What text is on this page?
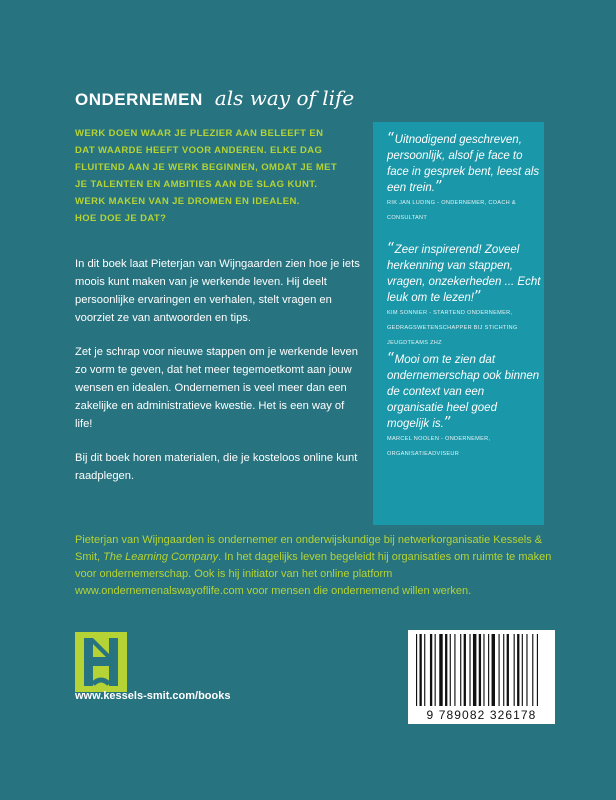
ONDERNEMEN als way of life
WERK DOEN WAAR JE PLEZIER AAN BELEEFT EN
DAT WAARDE HEEFT VOOR ANDEREN. ELKE DAG
FLUITEND AAN JE WERK BEGINNEN, OMDAT JE MET
JE TALENTEN EN AMBITIES AAN DE SLAG KUNT.
WERK MAKEN VAN JE DROMEN EN IDEALEN.
HOE DOE JE DAT?

In dit boek laat Pieterjan van Wijngaarden zien hoe je iets moois kunt maken van je werkende leven. Hij deelt persoonlijke ervaringen en verhalen, stelt vragen en voorziet ze van antwoorden en tips.

Zet je schrap voor nieuwe stappen om je werkende leven zo vorm te geven, dat het meer tegemoetkomt aan jouw wensen en idealen. Ondernemen is veel meer dan een zakelijke en administratieve kwestie. Het is een way of life!

Bij dit boek horen materialen, die je kosteloos online kunt raadplegen.

“Uitnodigend geschreven, persoonlijk, alsof je face to face in gesprek bent, leest als een trein.”
RIK JAN LUDING - ONDERNEMER, COACH & CONSULTANT
“Zeer inspirerend! Zoveel herkenning van stappen, vragen, onzekerheden ... Echt leuk om te lezen!”
KIM SONNIER - STARTEND ONDERNEMER, GEDRAGSWETENSCHAPPER BIJ STICHTING JEUGDTEAMS ZHZ
“Mooi om te zien dat ondernemerschap ook binnen de context van een organisatie heel goed mogelijk is.”
MARCEL NOOLEN - ONDERNEMER, ORGANISATIEADVISEUR
Pieterjan van Wijngaarden is ondernemer en onderwijskundige bij netwerkorganisatie Kessels & Smit, The Learning Company. In het dagelijks leven begeleidt hij organisaties om ruimte te maken voor ondernemerschap. Ook is hij initiator van het online platform www.ondernemenalswayoflife.com voor mensen die ondernemend willen werken.
www.kessels-smit.com/books
9 789082 326178
